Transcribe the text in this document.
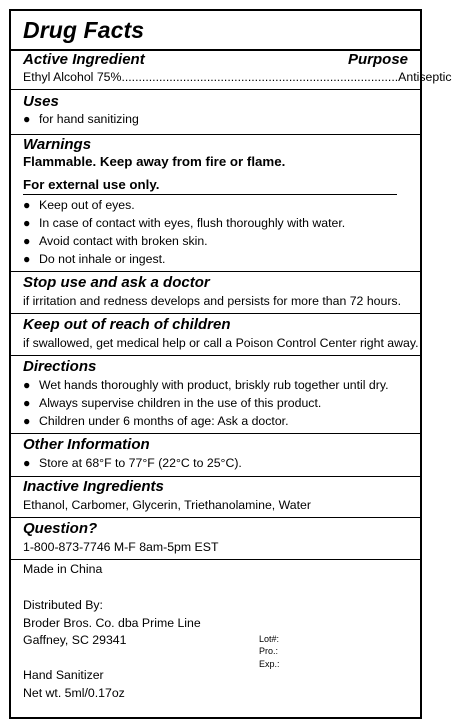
Drug Facts
Active Ingredient	Purpose
Ethyl Alcohol 75% ................................................................................. Antiseptic
Uses
● for hand sanitizing
Warnings
Flammable. Keep away from fire or flame.
For external use only.
● Keep out of eyes.
● In case of contact with eyes, flush thoroughly with water.
● Avoid contact with broken skin.
● Do not inhale or ingest.
Stop use and ask a doctor
if irritation and redness develops and persists for more than 72 hours.
Keep out of reach of children
if swallowed, get medical help or call a Poison Control Center right away.
Directions
● Wet hands thoroughly with product, briskly rub together until dry.
● Always supervise children in the use of this product.
● Children under 6 months of age: Ask a doctor.
Other Information
● Store at 68°F to 77°F (22°C to 25°C).
Inactive Ingredients
Ethanol, Carbomer, Glycerin, Triethanolamine, Water
Question?
1-800-873-7746 M-F 8am-5pm EST
Made in China
Distributed By:
Broder Bros. Co. dba Prime Line
Gaffney, SC 29341	Lot#:
Pro.:
Exp.:
Hand Sanitizer
Net wt. 5ml/0.17oz
